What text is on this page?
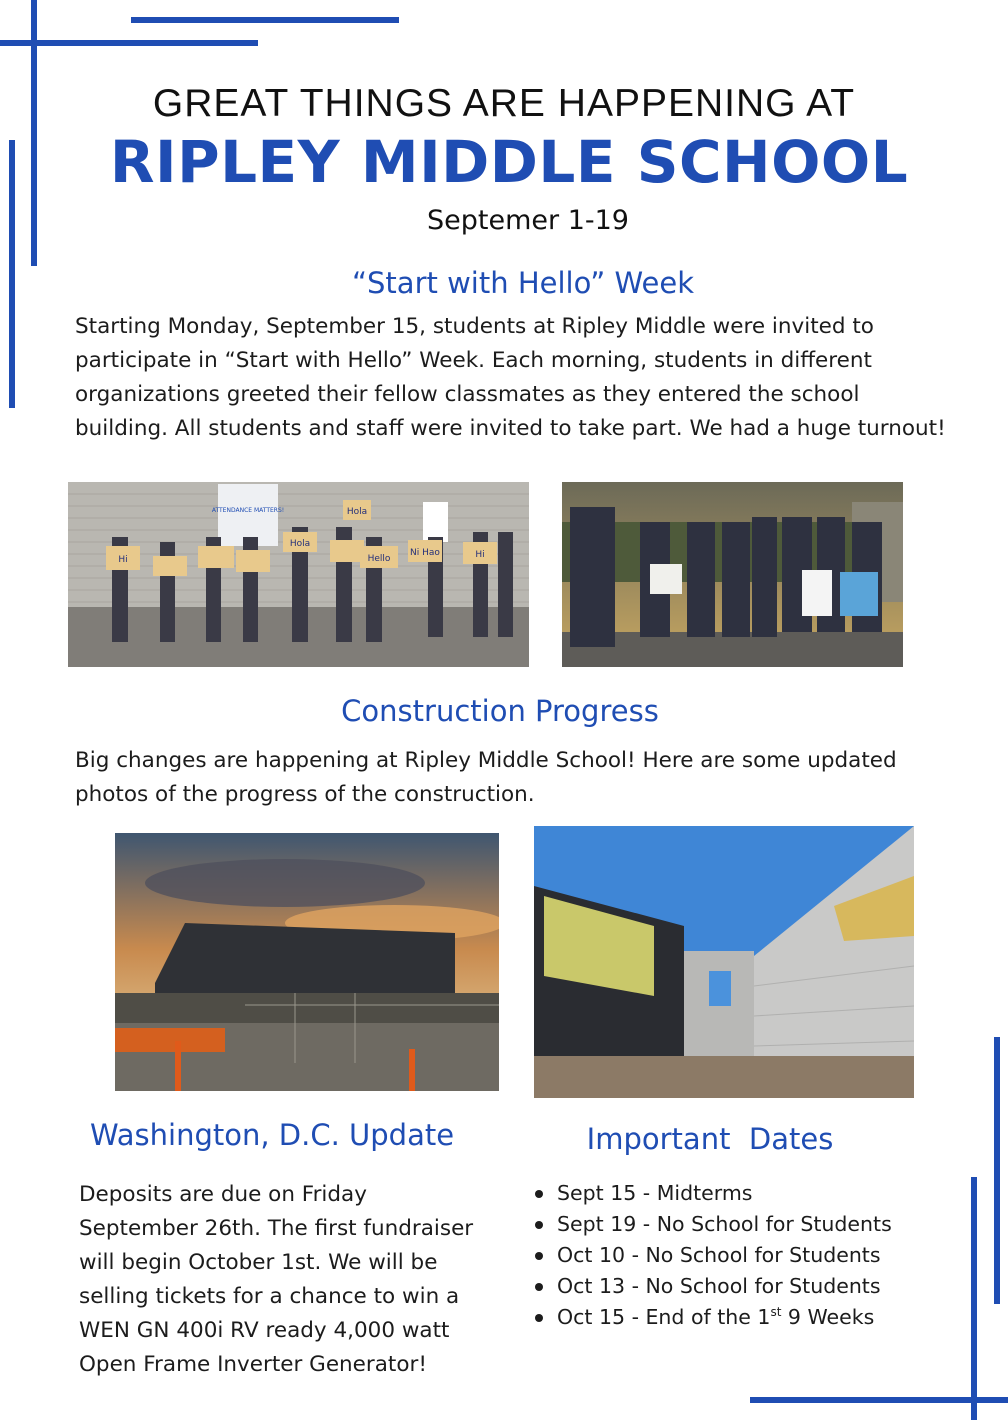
GREAT THINGS ARE HAPPENING AT
RIPLEY MIDDLE SCHOOL
Septemer 1-19
“Start with Hello” Week
Starting Monday, September 15, students at Ripley Middle were invited to participate in “Start with Hello” Week. Each morning, students in different organizations greeted their fellow classmates as they entered the school building. All students and staff were invited to take part. We had a huge turnout!
ATTENDANCE MATTERS!
Hi
Hola
Hello
Ni Hao
Hola
Hi
Construction Progress
Big changes are happening at Ripley Middle School! Here are some updated photos of the progress of the construction.
Washington, D.C. Update
Deposits are due on Friday September 26th. The first fundraiser will begin October 1st. We will be selling tickets for a chance to win a WEN GN 400i RV ready 4,000 watt Open Frame Inverter Generator!
Important  Dates
Sept 15 - Midterms
Sept 19 - No School for Students
Oct 10 - No School for Students
Oct 13 - No School for Students
Oct 15 - End of the 1st 9 Weeks
